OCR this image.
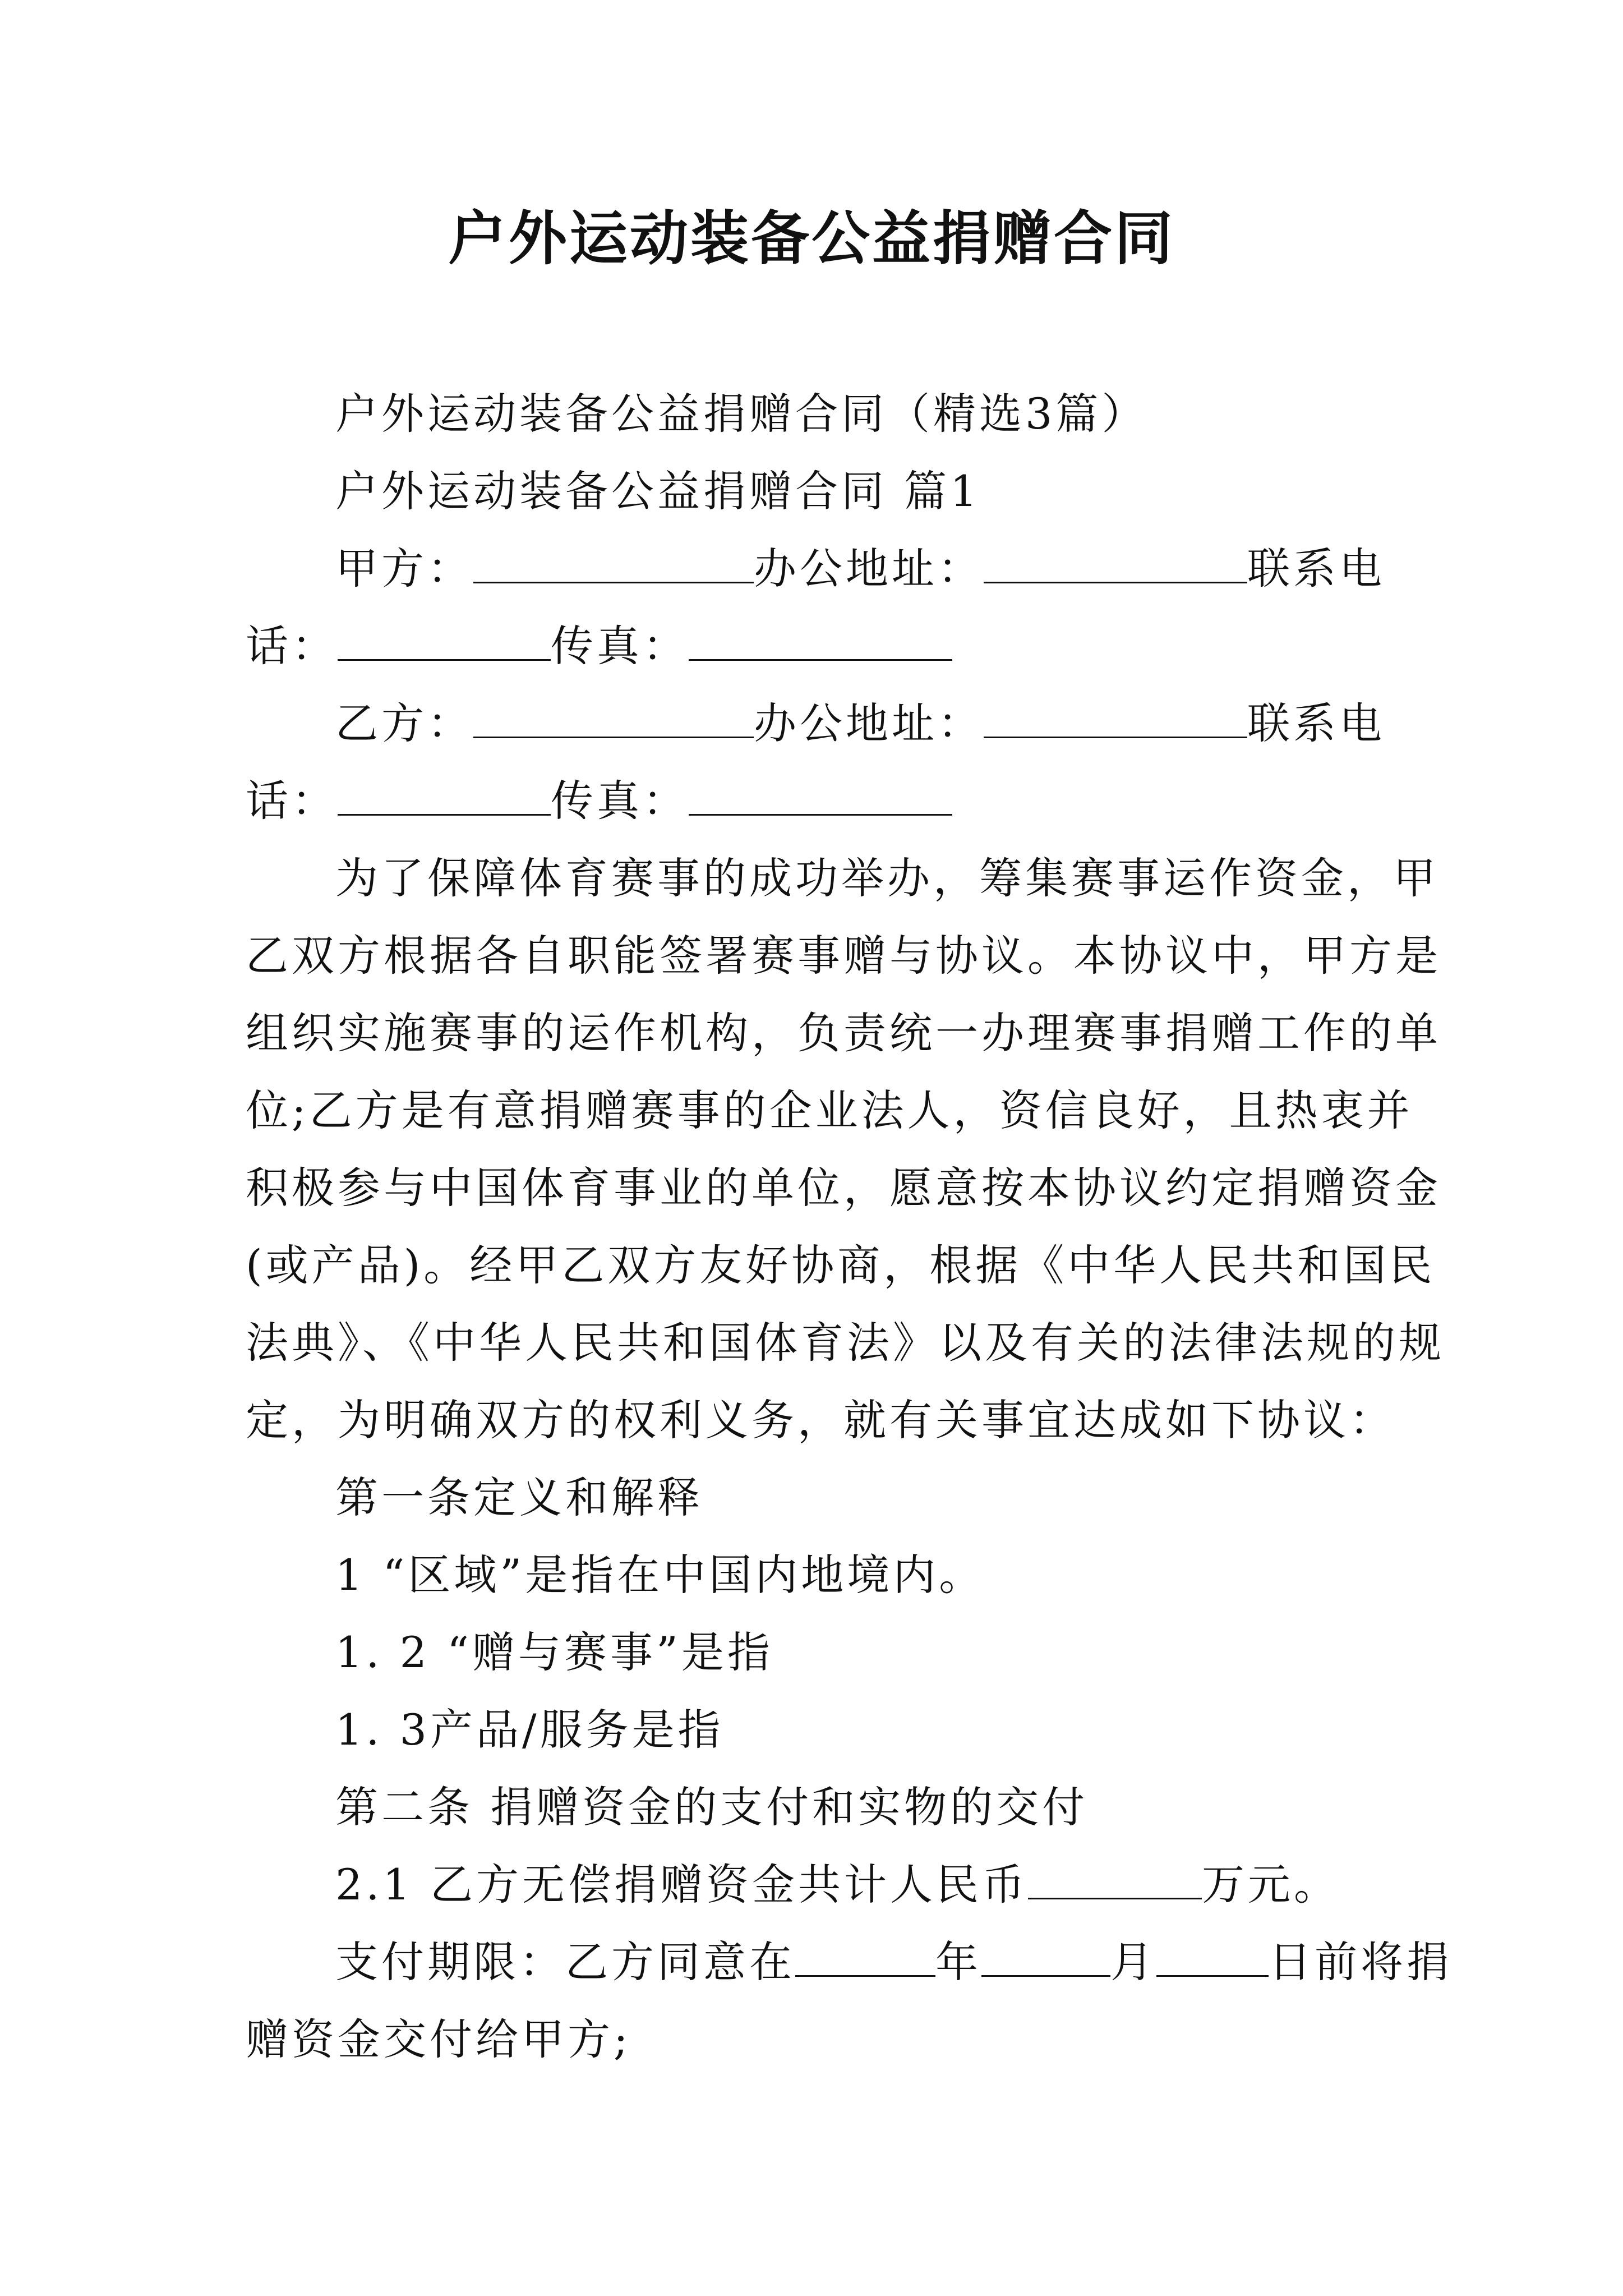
户外运动装备公益捐赠合同
户外运动装备公益捐赠合同（精选3篇）
户外运动装备公益捐赠合同 篇1
甲方：	办公地址：	联系电
话：	传真：
乙方：	办公地址：	联系电
话：	传真：
为了保障体育赛事的成功举办，筹集赛事运作资金，甲
乙双方根据各自职能签署赛事赠与协议。本协议中，甲方是
组织实施赛事的运作机构，负责统一办理赛事捐赠工作的单
位;乙方是有意捐赠赛事的企业法人，资信良好，且热衷并
积极参与中国体育事业的单位，愿意按本协议约定捐赠资金
(或产品)。经甲乙双方友好协商，根据《中华人民共和国民
法典》、《中华人民共和国体育法》以及有关的法律法规的规
定，为明确双方的权利义务，就有关事宜达成如下协议：
第一条定义和解释
1 “区域”是指在中国内地境内。
1. 2 “赠与赛事”是指
1. 3产品/服务是指
第二条 捐赠资金的支付和实物的交付
2.1 乙方无偿捐赠资金共计人民币	万元。
支付期限：乙方同意在	年	月	日前将捐
赠资金交付给甲方;
